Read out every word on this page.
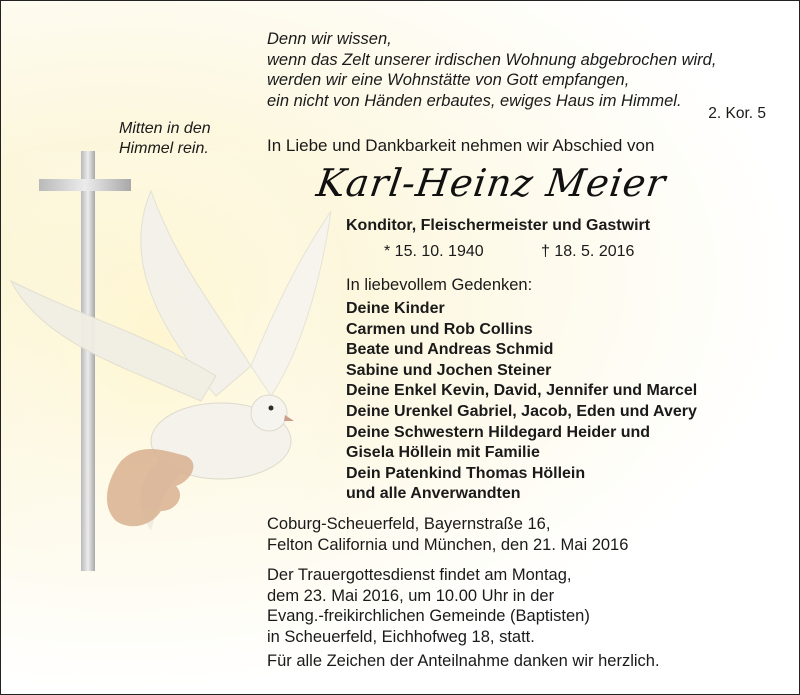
Denn wir wissen,
wenn das Zelt unserer irdischen Wohnung abgebrochen wird,
werden wir eine Wohnstätte von Gott empfangen,
ein nicht von Händen erbautes, ewiges Haus im Himmel.
2. Kor. 5
Mitten in den
Himmel rein.	In Liebe und Dankbarkeit nehmen wir Abschied von
Karl-Heinz Meier
Konditor, Fleischermeister und Gastwirt
* 15. 10. 1940	† 18. 5. 2016
In liebevollem Gedenken:
Deine Kinder
Carmen und Rob Collins
Beate und Andreas Schmid
Sabine und Jochen Steiner
Deine Enkel Kevin, David, Jennifer und Marcel
Deine Urenkel Gabriel, Jacob, Eden und Avery
Deine Schwestern Hildegard Heider und
Gisela Höllein mit Familie
Dein Patenkind Thomas Höllein
und alle Anverwandten
Coburg-Scheuerfeld, Bayernstraße 16,
Felton California und München, den 21. Mai 2016
Der Trauergottesdienst findet am Montag,
dem 23. Mai 2016, um 10.00 Uhr in der
Evang.-freikirchlichen Gemeinde (Baptisten)
in Scheuerfeld, Eichhofweg 18, statt.
Für alle Zeichen der Anteilnahme danken wir herzlich.
